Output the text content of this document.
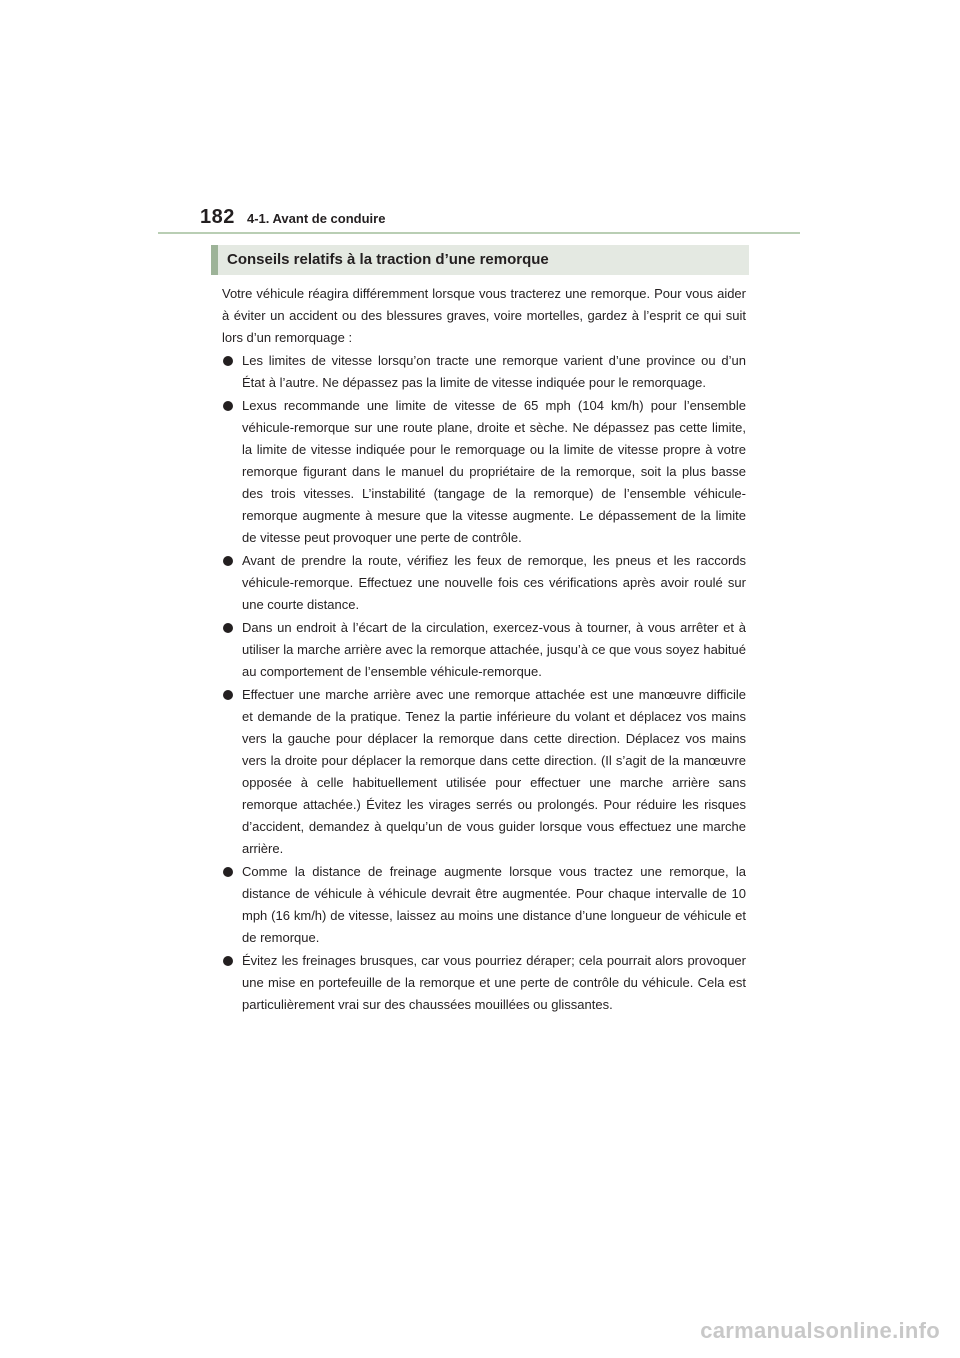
182 4-1. Avant de conduire
Conseils relatifs à la traction d’une remorque

Votre véhicule réagira différemment lorsque vous tracterez une remorque. Pour vous aider à éviter un accident ou des blessures graves, voire mortelles, gardez à l’esprit ce qui suit lors d’un remorquage :

Les limites de vitesse lorsqu’on tracte une remorque varient d’une province ou d’un État à l’autre. Ne dépassez pas la limite de vitesse indiquée pour le remorquage.
Lexus recommande une limite de vitesse de 65 mph (104 km/h) pour l’ensemble véhicule-remorque sur une route plane, droite et sèche. Ne dépassez pas cette limite, la limite de vitesse indiquée pour le remorquage ou la limite de vitesse propre à votre remorque figurant dans le manuel du propriétaire de la remorque, soit la plus basse des trois vitesses. L’instabilité (tangage de la remorque) de l’ensemble véhicule-remorque augmente à mesure que la vitesse augmente. Le dépassement de la limite de vitesse peut provoquer une perte de contrôle.
Avant de prendre la route, vérifiez les feux de remorque, les pneus et les raccords véhicule-remorque. Effectuez une nouvelle fois ces vérifications après avoir roulé sur une courte distance.
Dans un endroit à l’écart de la circulation, exercez-vous à tourner, à vous arrêter et à utiliser la marche arrière avec la remorque attachée, jusqu’à ce que vous soyez habitué au comportement de l’ensemble véhicule-remorque.
Effectuer une marche arrière avec une remorque attachée est une manœuvre difficile et demande de la pratique. Tenez la partie inférieure du volant et déplacez vos mains vers la gauche pour déplacer la remorque dans cette direction. Déplacez vos mains vers la droite pour déplacer la remorque dans cette direction. (Il s’agit de la manœuvre opposée à celle habituellement utilisée pour effectuer une marche arrière sans remorque attachée.) Évitez les virages serrés ou prolongés. Pour réduire les risques d’accident, demandez à quelqu’un de vous guider lorsque vous effectuez une marche arrière.
Comme la distance de freinage augmente lorsque vous tractez une remorque, la distance de véhicule à véhicule devrait être augmentée. Pour chaque intervalle de 10 mph (16 km/h) de vitesse, laissez au moins une distance d’une longueur de véhicule et de remorque.
Évitez les freinages brusques, car vous pourriez déraper; cela pourrait alors provoquer une mise en portefeuille de la remorque et une perte de contrôle du véhicule. Cela est particulièrement vrai sur des chaussées mouillées ou glissantes.
carmanualsonline.info
